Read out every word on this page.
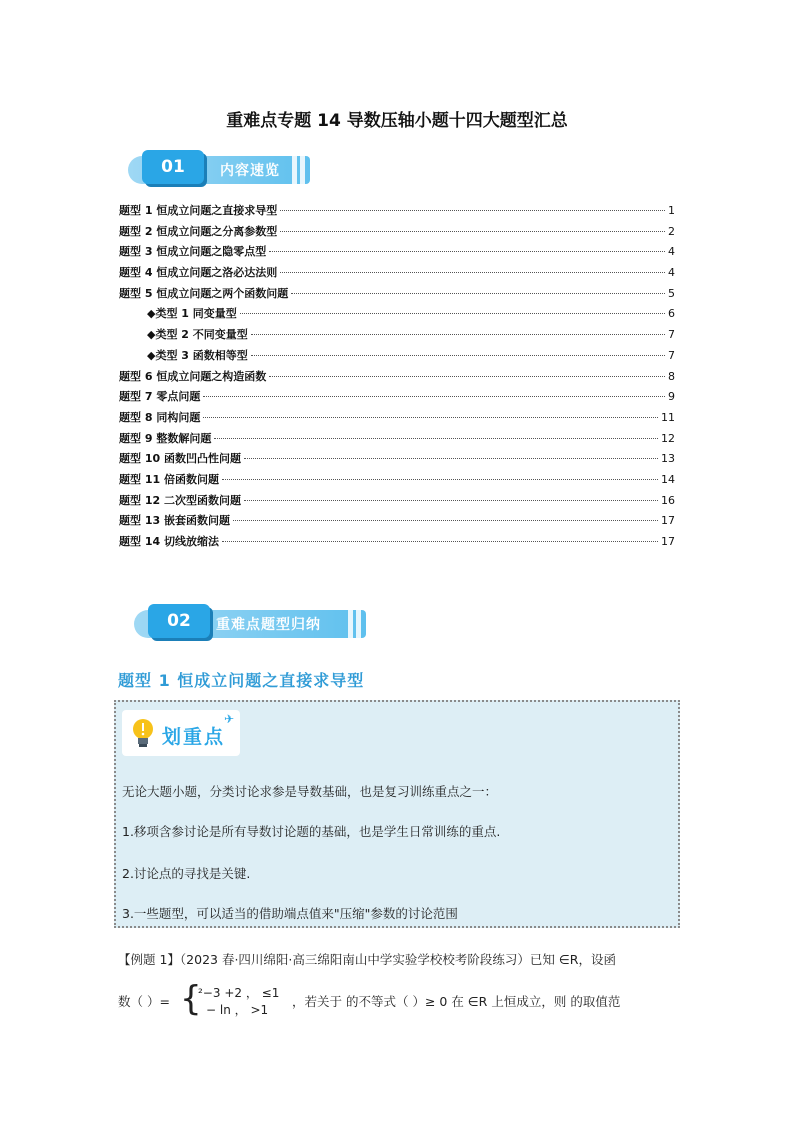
重难点专题 14 导数压轴小题十四大题型汇总
01	内容速览
题型 1 恒成立问题之直接求导型	1
题型 2 恒成立问题之分离参数型	2
题型 3 恒成立问题之隐零点型	4
题型 4 恒成立问题之洛必达法则	4
题型 5 恒成立问题之两个函数问题	5
◆类型 1 同变量型	6
◆类型 2 不同变量型	7
◆类型 3 函数相等型	7
题型 6 恒成立问题之构造函数	8
题型 7 零点问题	9
题型 8 同构问题	11
题型 9 整数解问题	12
题型 10 函数凹凸性问题	13
题型 11 倍函数问题	14
题型 12 二次型函数问题	16
题型 13 嵌套函数问题	17
题型 14 切线放缩法	17
02	重难点题型归纳
题型 1 恒成立问题之直接求导型
划重点
✈
无论大题小题，分类讨论求参是导数基础，也是复习训练重点之一：
1.移项含参讨论是所有导数讨论题的基础，也是学生日常训练的重点.
2.讨论点的寻找是关键.
3.一些题型，可以适当的借助端点值来"压缩"参数的讨论范围
【例题 1】（2023 春·四川绵阳·高三绵阳南山中学实验学校校考阶段练习）已知 ∈R，设函
数（ ）= {
²−3 +2 ， ≤1
− ln ， >1
，若关于 的不等式（ ）≥ 0 在 ∈R 上恒成立，则 的取值范
